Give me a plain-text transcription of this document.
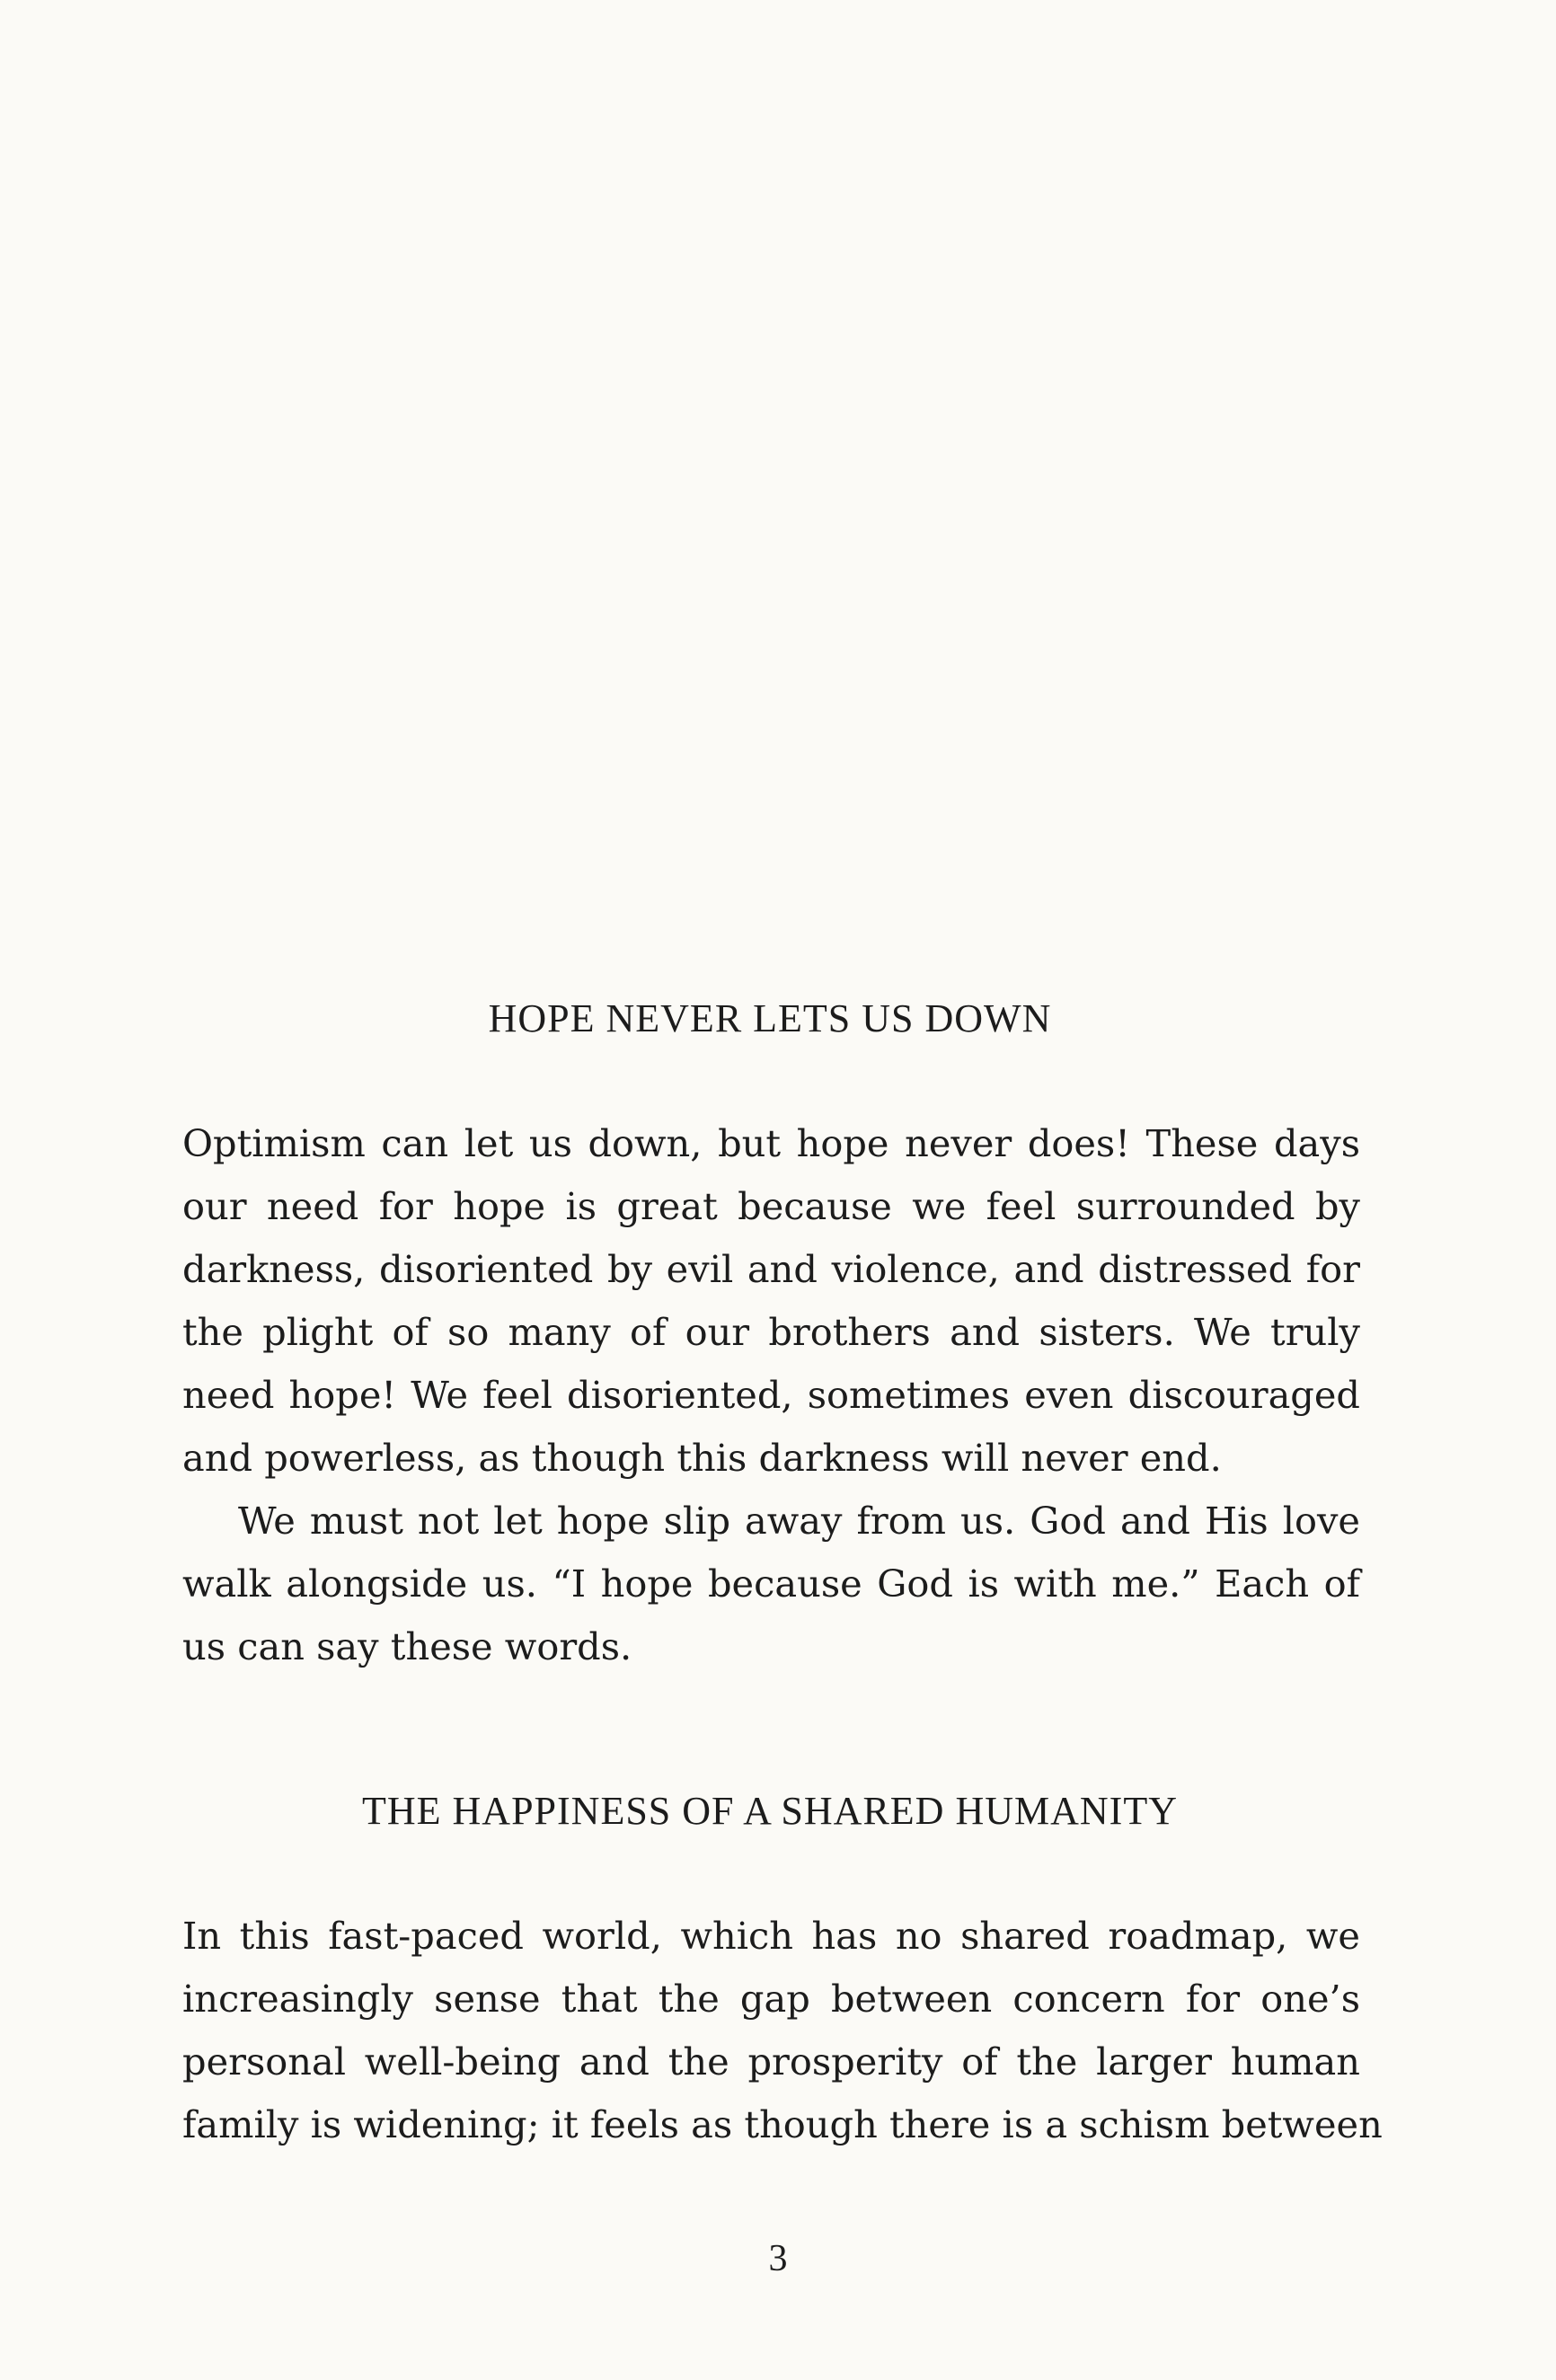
HOPE NEVER LETS US DOWN

Optimism can let us down, but hope never does! These days

our need for hope is great because we feel surrounded by

darkness, disoriented by evil and violence, and distressed for

the plight of so many of our brothers and sisters. We truly

need hope! We feel disoriented, sometimes even discouraged

and powerless, as though this darkness will never end.

We must not let hope slip away from us. God and His love

walk alongside us. “I hope because God is with me.” Each of

us can say these words.

THE HAPPINESS OF A SHARED HUMANITY

In this fast-paced world, which has no shared roadmap, we

increasingly sense that the gap between concern for one’s

personal well-being and the prosperity of the larger human

family is widening; it feels as though there is a schism between

3
